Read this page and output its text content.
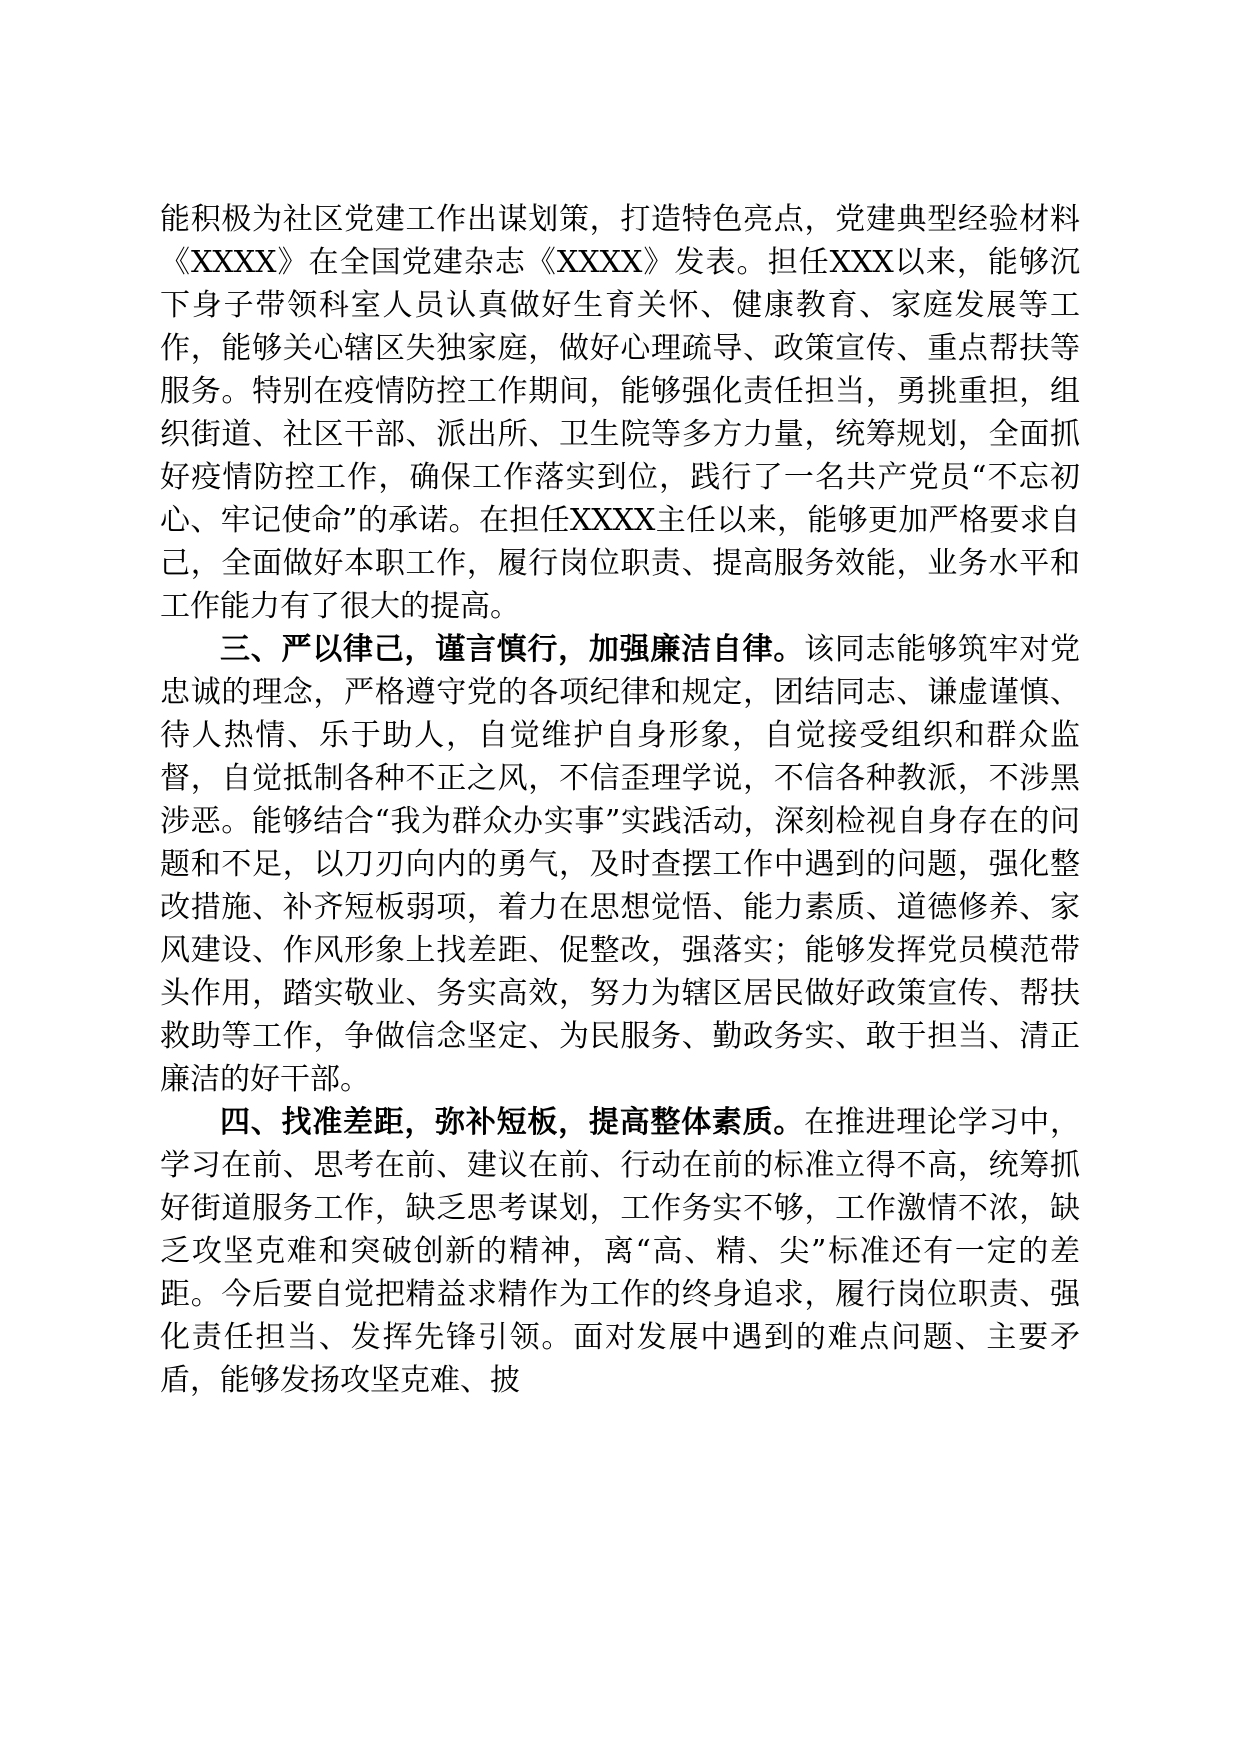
能积极为社区党建工作出谋划策，打造特色亮点，党建典型经验材料《XXXX》在全国党建杂志《XXXX》发表。担任XXX以来，能够沉下身子带领科室人员认真做好生育关怀、健康教育、家庭发展等工作，能够关心辖区失独家庭，做好心理疏导、政策宣传、重点帮扶等服务。特别在疫情防控工作期间，能够强化责任担当，勇挑重担，组织街道、社区干部、派出所、卫生院等多方力量，统筹规划，全面抓好疫情防控工作，确保工作落实到位，践行了一名共产党员“不忘初心、牢记使命”的承诺。在担任XXXX主任以来，能够更加严格要求自己，全面做好本职工作，履行岗位职责、提高服务效能，业务水平和工作能力有了很大的提高。

三、严以律己，谨言慎行，加强廉洁自律。该同志能够筑牢对党忠诚的理念，严格遵守党的各项纪律和规定，团结同志、谦虚谨慎、待人热情、乐于助人，自觉维护自身形象，自觉接受组织和群众监督，自觉抵制各种不正之风，不信歪理学说，不信各种教派，不涉黑涉恶。能够结合“我为群众办实事”实践活动，深刻检视自身存在的问题和不足，以刀刃向内的勇气，及时查摆工作中遇到的问题，强化整改措施、补齐短板弱项，着力在思想觉悟、能力素质、道德修养、家风建设、作风形象上找差距、促整改，强落实；能够发挥党员模范带头作用，踏实敬业、务实高效，努力为辖区居民做好政策宣传、帮扶救助等工作，争做信念坚定、为民服务、勤政务实、敢于担当、清正廉洁的好干部。

四、找准差距，弥补短板，提高整体素质。在推进理论学习中，学习在前、思考在前、建议在前、行动在前的标准立得不高，统筹抓好街道服务工作，缺乏思考谋划，工作务实不够，工作激情不浓，缺乏攻坚克难和突破创新的精神，离“高、精、尖”标准还有一定的差距。今后要自觉把精益求精作为工作的终身追求，履行岗位职责、强化责任担当、发挥先锋引领。面对发展中遇到的难点问题、主要矛盾，能够发扬攻坚克难、披
